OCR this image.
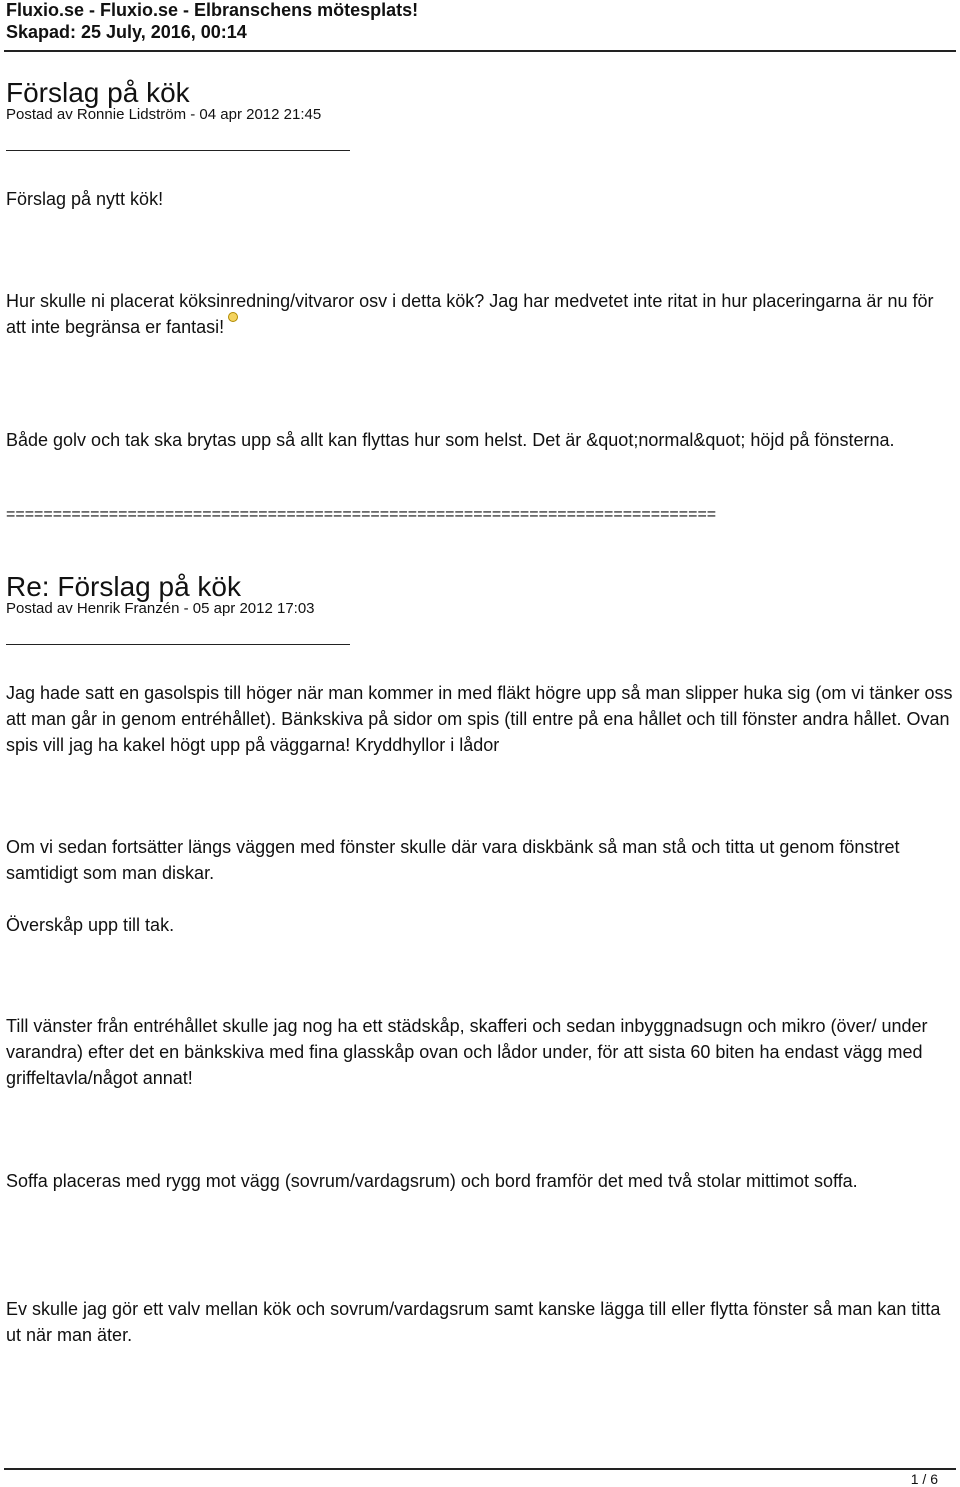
Fluxio.se - Fluxio.se - Elbranschens mötesplats!
Skapad: 25 July, 2016, 00:14
Förslag på kök
Postad av Ronnie Lidström - 04 apr 2012 21:45

Förslag på nytt kök!

Hur skulle ni placerat köksinredning/vitvaror osv i detta kök? Jag har medvetet inte ritat in hur placeringarna är nu för att inte begränsa er fantasi!

Både golv och tak ska brytas upp så allt kan flyttas hur som helst. Det är &quot;normal&quot; höjd på fönsterna.

============================================================================
Re: Förslag på kök
Postad av Henrik Franzén - 05 apr 2012 17:03

Jag hade satt en gasolspis till höger när man kommer in med fläkt högre upp så man slipper huka sig (om vi tänker oss att man går in genom entréhållet). Bänkskiva på sidor om spis (till entre på ena hållet och till fönster andra hållet. Ovan spis vill jag ha kakel högt upp på väggarna! Kryddhyllor i lådor

Om vi sedan fortsätter längs väggen med fönster skulle där vara diskbänk så man stå och titta ut genom fönstret samtidigt som man diskar.

Överskåp upp till tak.

Till vänster från entréhållet skulle jag nog ha ett städskåp, skafferi och sedan inbyggnadsugn och mikro (över/ under varandra) efter det en bänkskiva med fina glasskåp ovan och lådor under, för att sista 60 biten ha endast vägg med griffeltavla/något annat!

Soffa placeras med rygg mot vägg (sovrum/vardagsrum) och bord framför det med två stolar mittimot soffa.

Ev skulle jag gör ett valv mellan kök och sovrum/vardagsrum samt kanske lägga till eller flytta fönster så man kan titta ut när man äter.

1 / 6
